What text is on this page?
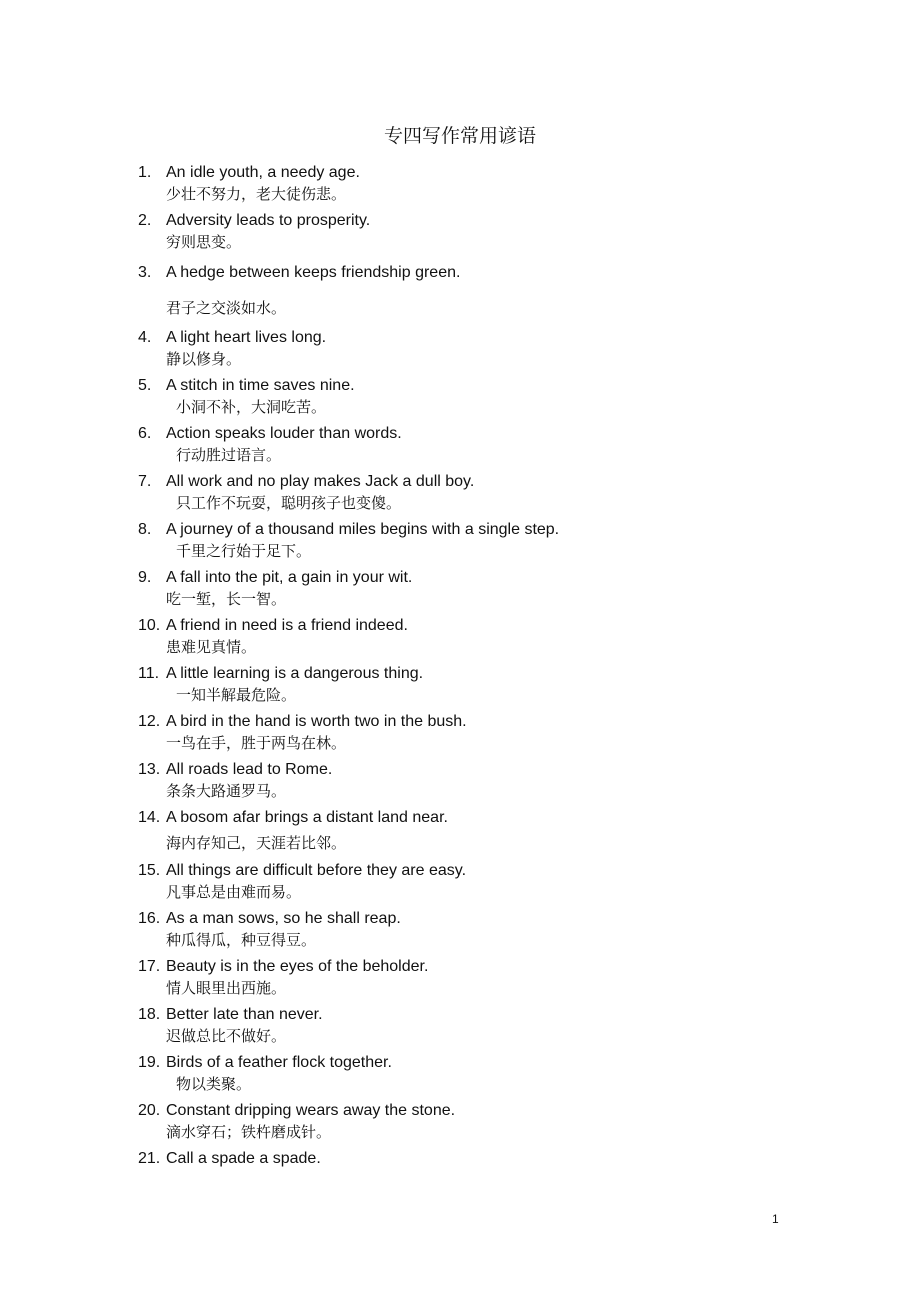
专四写作常用谚语
1. An idle youth, a needy age.
少壮不努力，老大徒伤悲。
2. Adversity leads to prosperity.
穷则思变。
3. A hedge between keeps friendship green.
君子之交淡如水。
4. A light heart lives long.
静以修身。
5. A stitch in time saves nine.
小洞不补，大洞吃苦。
6. Action speaks louder than words.
行动胜过语言。
7. All work and no play makes Jack a dull boy.
只工作不玩耍，聪明孩子也变傻。
8. A journey of a thousand miles begins with a single step.
千里之行始于足下。
9. A fall into the pit, a gain in your wit.
吃一堑，长一智。
10. A friend in need is a friend indeed.
患难见真情。
11. A little learning is a dangerous thing.
一知半解最危险。
12. A bird in the hand is worth two in the bush.
一鸟在手，胜于两鸟在林。
13. All roads lead to Rome.
条条大路通罗马。
14. A bosom afar brings a distant land near.
海内存知己，天涯若比邻。
15. All things are difficult before they are easy.
凡事总是由难而易。
16. As a man sows, so he shall reap.
种瓜得瓜，种豆得豆。
17. Beauty is in the eyes of the beholder.
情人眼里出西施。
18. Better late than never.
迟做总比不做好。
19. Birds of a feather flock together.
物以类聚。
20. Constant dripping wears away the stone.
滴水穿石；铁杵磨成针。
21. Call a spade a spade.
1
